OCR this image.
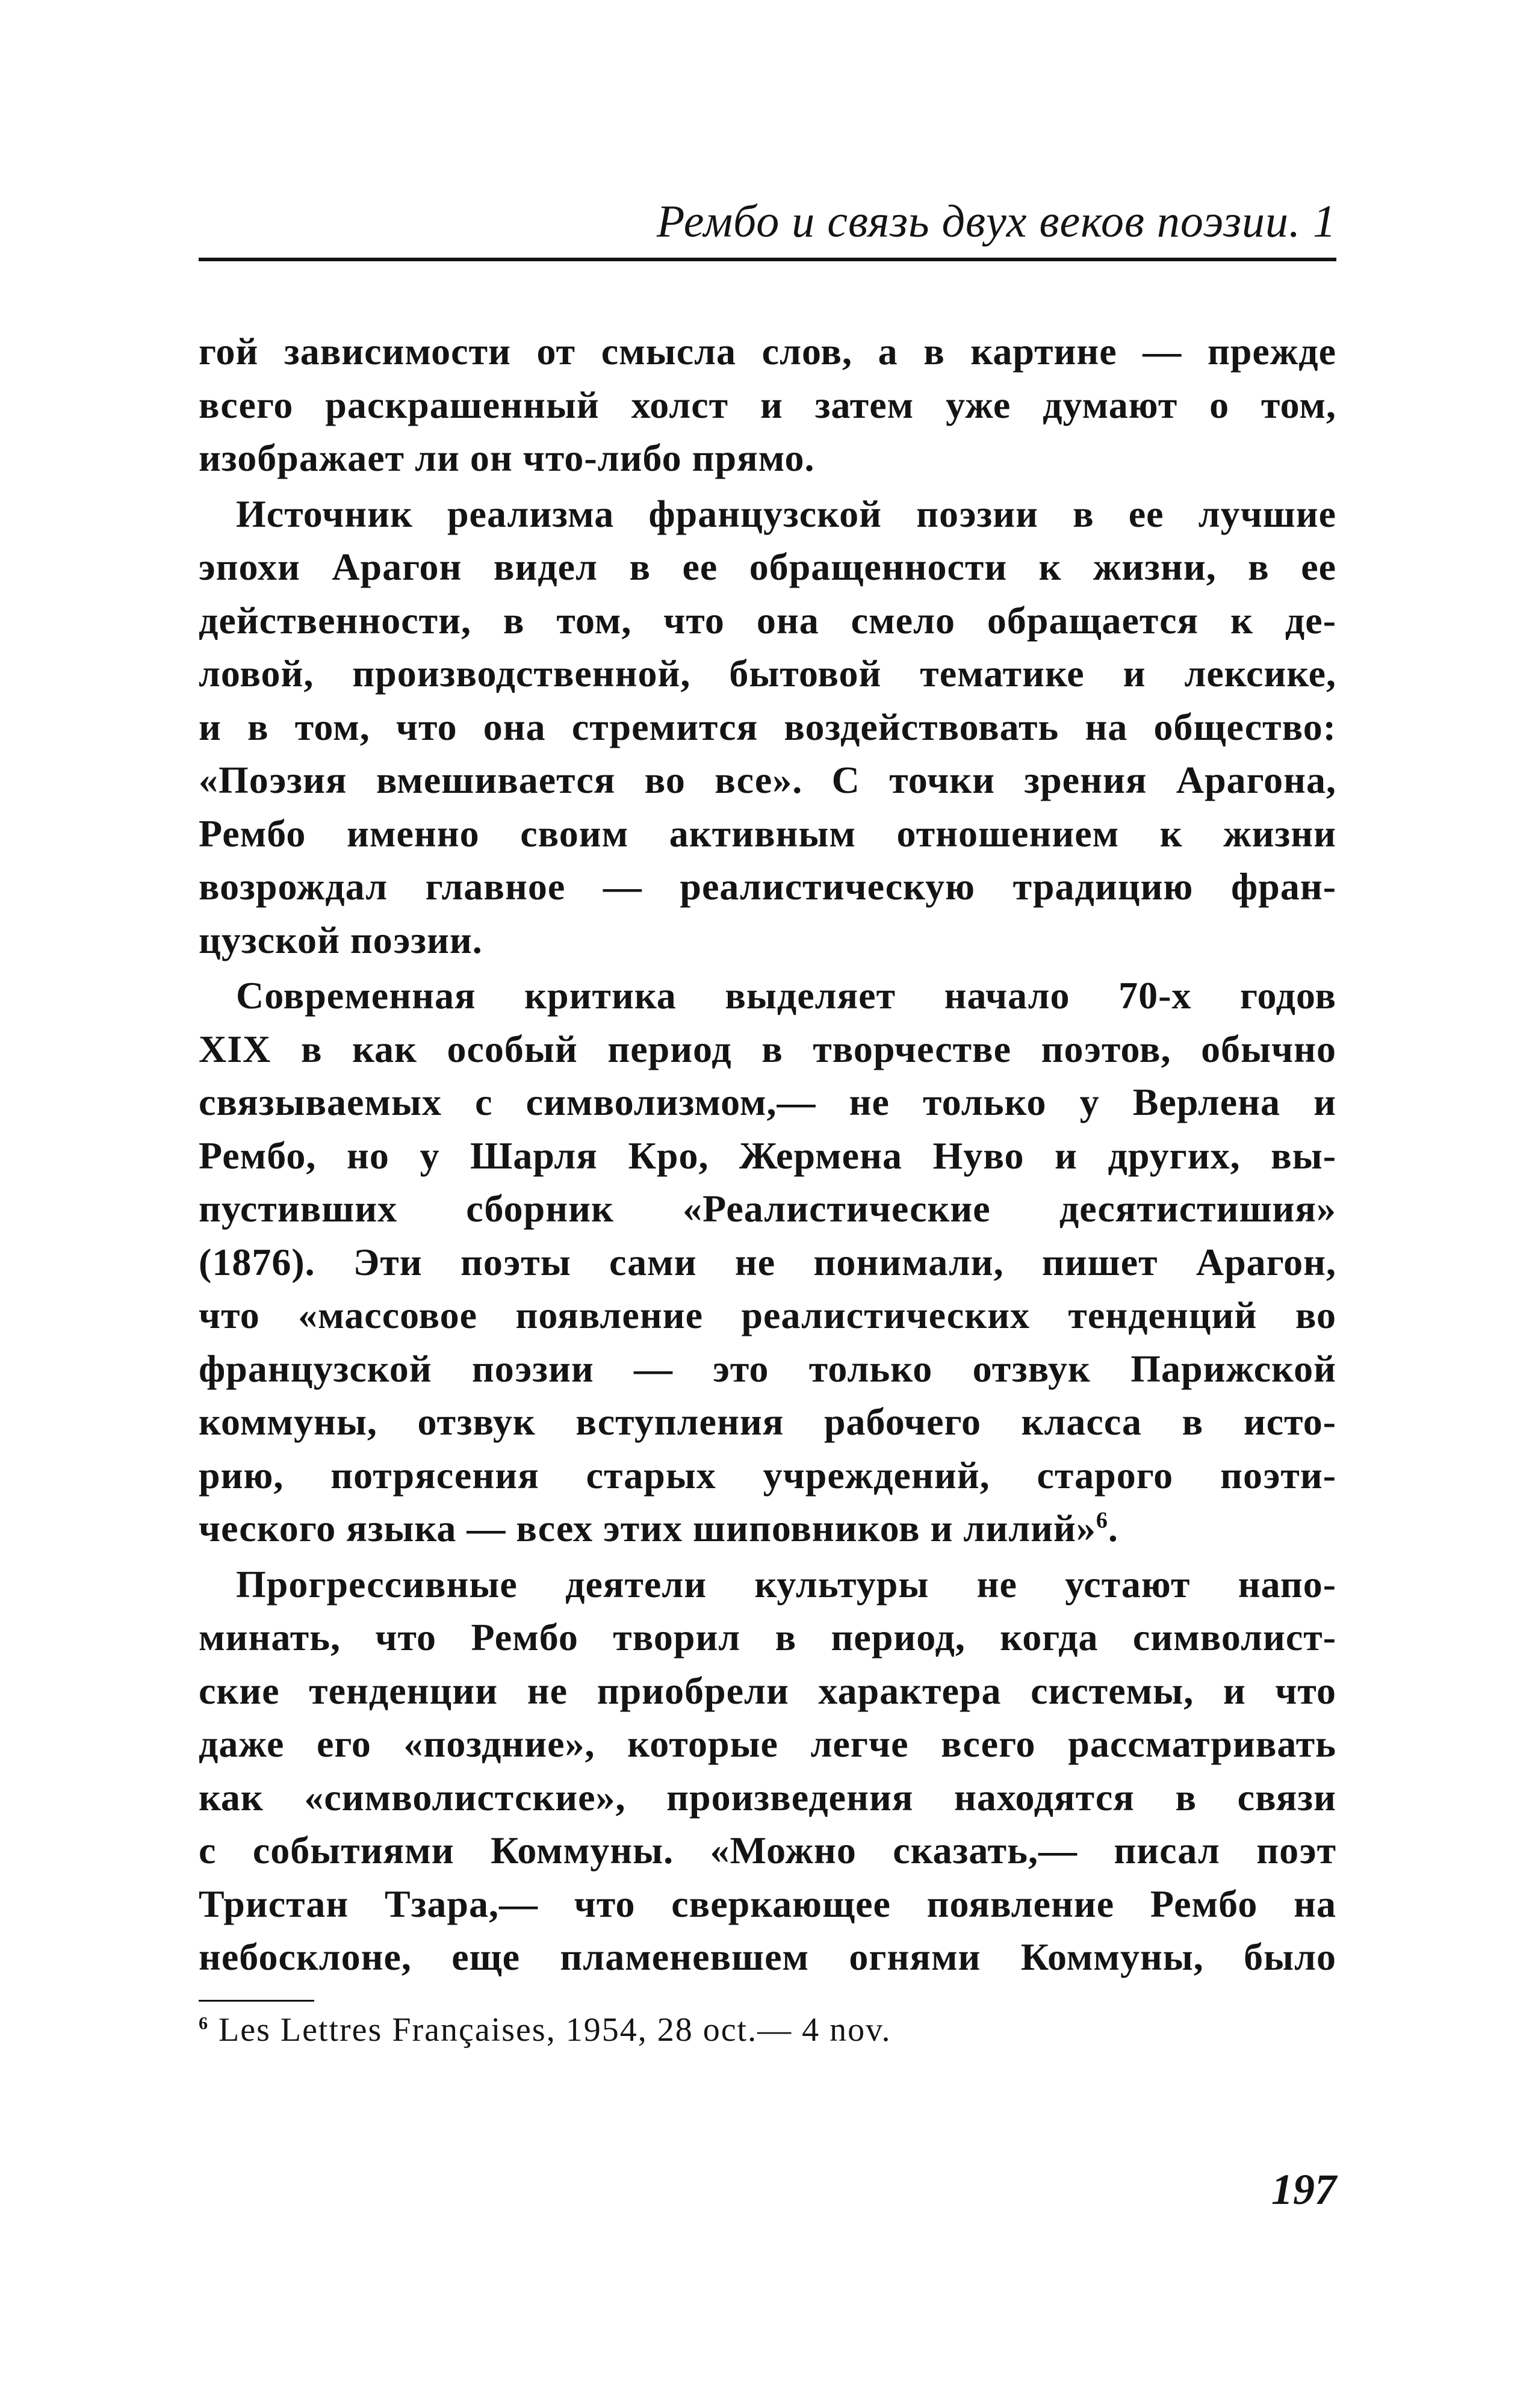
Рембо и связь двух веков поэзии. 1
гой зависимости от смысла слов, а в картине — прежде
всего раскрашенный холст и затем уже думают о том,
изображает ли он что-либо прямо.
Источник реализма французской поэзии в ее лучшие
эпохи Арагон видел в ее обращенности к жизни, в ее
действенности, в том, что она смело обращается к де-
ловой, производственной, бытовой тематике и лексике,
и в том, что она стремится воздействовать на общество:
«Поэзия вмешивается во все». С точки зрения Арагона,
Рембо именно своим активным отношением к жизни
возрождал главное — реалистическую традицию фран-
цузской поэзии.
Современная критика выделяет начало 70-х годов
XIX в как особый период в творчестве поэтов, обычно
связываемых с символизмом,— не только у Верлена и
Рембо, но у Шарля Кро, Жермена Нуво и других, вы-
пустивших сборник «Реалистические десятистишия»
(1876). Эти поэты сами не понимали, пишет Арагон,
что «массовое появление реалистических тенденций во
французской поэзии — это только отзвук Парижской
коммуны, отзвук вступления рабочего класса в исто-
рию, потрясения старых учреждений, старого поэти-
ческого языка — всех этих шиповников и лилий»$^6$.
Прогрессивные деятели культуры не устают напо-
минать, что Рембо творил в период, когда символист-
ские тенденции не приобрели характера системы, и что
даже его «поздние», которые легче всего рассматривать
как «символистские», произведения находятся в связи
с событиями Коммуны. «Можно сказать,— писал поэт
Тристан Тзара,— что сверкающее появление Рембо на
небосклоне, еще пламеневшем огнями Коммуны, было
$^6$ Les Lettres Françaises, 1954, 28 oct.— 4 nov.
197
